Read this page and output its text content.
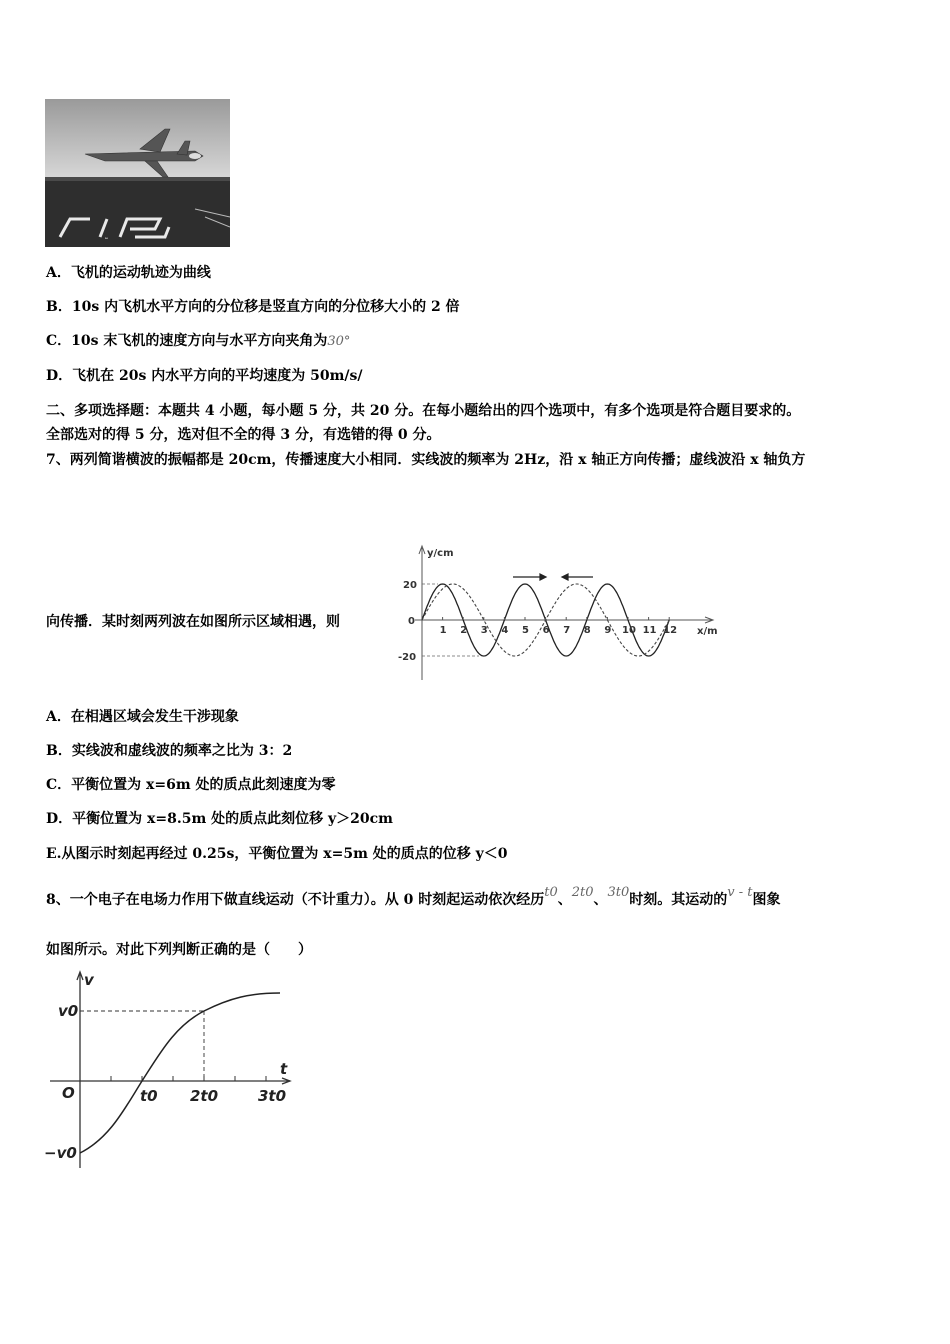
16
A．飞机的运动轨迹为曲线
B．10s 内飞机水平方向的分位移是竖直方向的分位移大小的 2 倍
C．10s 末飞机的速度方向与水平方向夹角为30°
D．飞机在 20s 内水平方向的平均速度为 50m/s/
二、多项选择题：本题共 4 小题，每小题 5 分，共 20 分。在每小题给出的四个选项中，有多个选项是符合题目要求的。
全部选对的得 5 分，选对但不全的得 3 分，有选错的得 0 分。
7、两列简谐横波的振幅都是 20cm，传播速度大小相同．实线波的频率为 2Hz，沿 x 轴正方向传播；虚线波沿 x 轴负方
向传播．某时刻两列波在如图所示区域相遇，则
y/cm
x/m
0
20
-20
1 2 3 4 5 6 7 8 9 10 11 12
A．在相遇区域会发生干涉现象
B．实线波和虚线波的频率之比为 3：2
C．平衡位置为 x=6m 处的质点此刻速度为零
D．平衡位置为 x=8.5m 处的质点此刻位移 y＞20cm
E.从图示时刻起再经过 0.25s，平衡位置为 x=5m 处的质点的位移 y＜0
8、一个电子在电场力作用下做直线运动（不计重力）。从 0 时刻起运动依次经历t0、2t0、3t0时刻。其运动的v - t图象
如图所示。对此下列判断正确的是（　　）
v
t
v0
−v0
O	t0 2t0	3t0
